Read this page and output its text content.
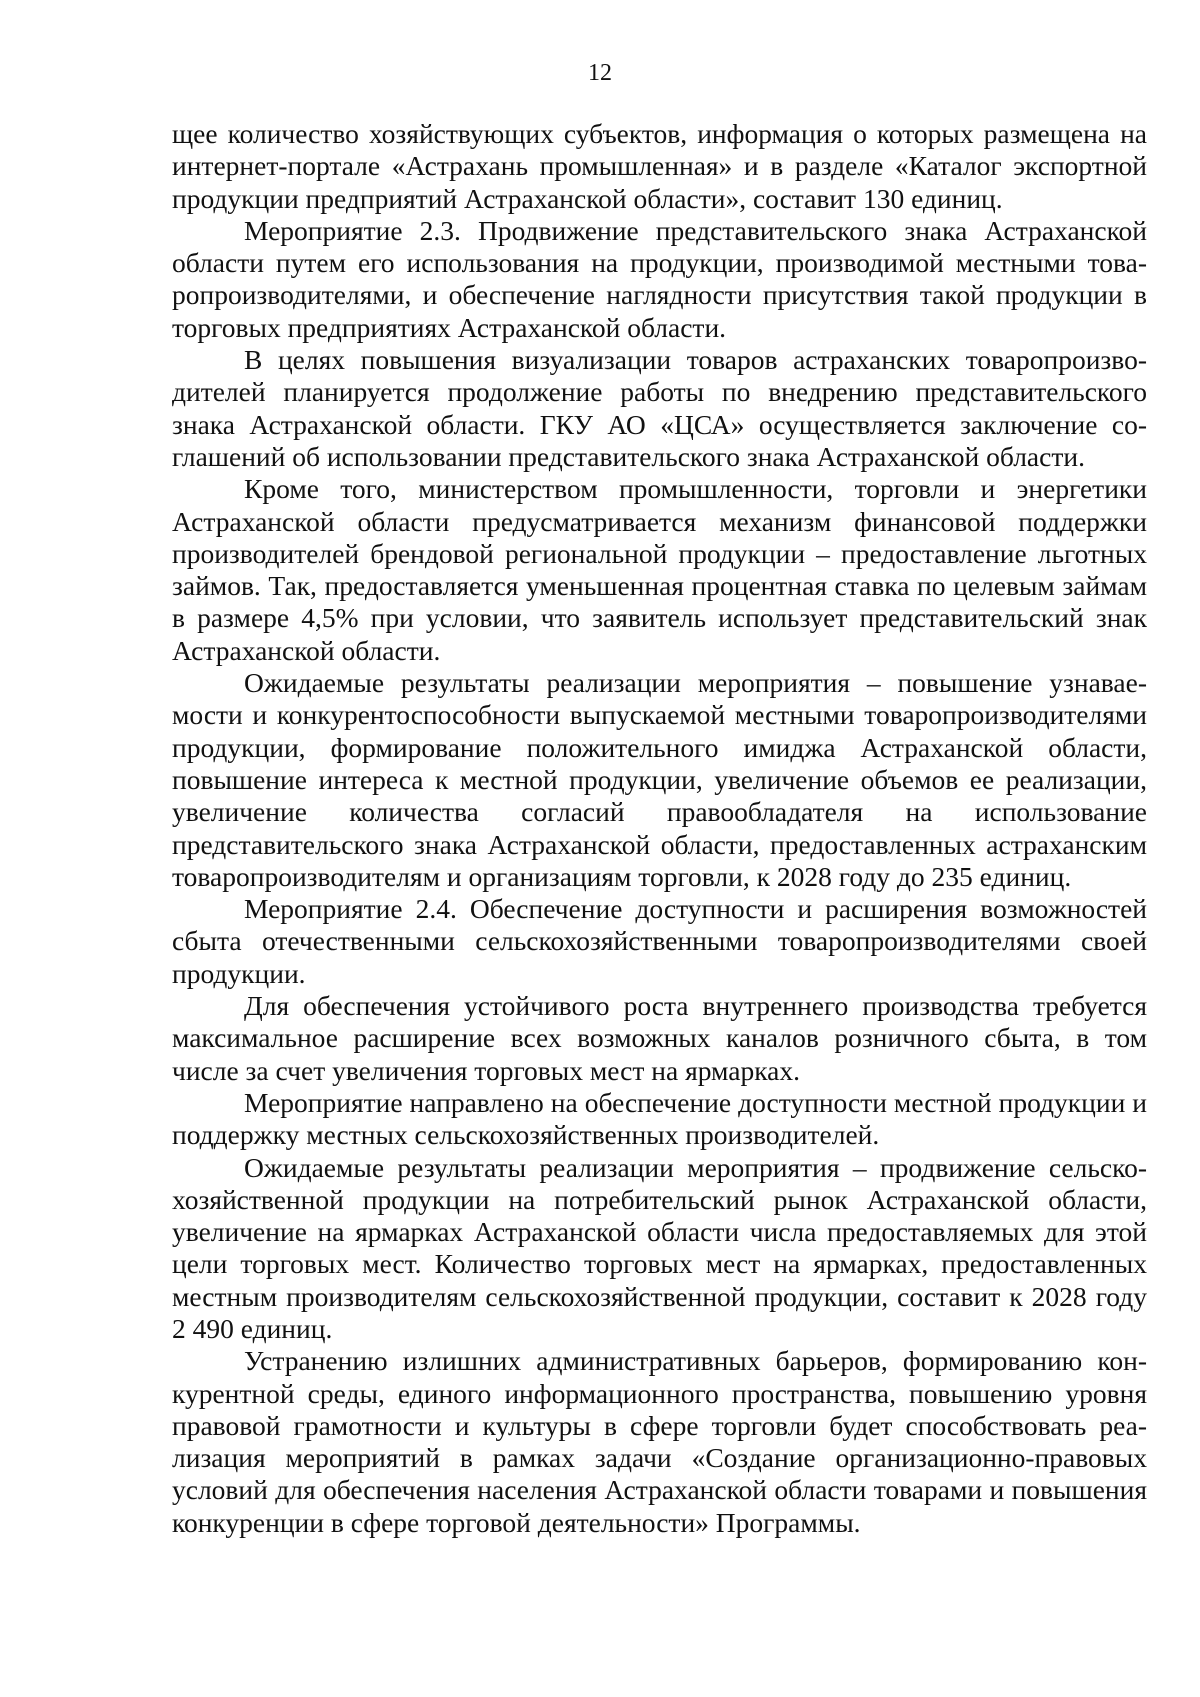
12

щее количество хозяйствующих субъектов, информация о которых размещена на интернет-портале «Астрахань промышленная» и в разделе «Каталог экспортной продукции предприятий Астраханской области», составит 130 единиц.

Мероприятие 2.3. Продвижение представительского знака Астраханской области путем его использования на продукции, производимой местными товаропроизводителями, и обеспечение наглядности присутствия такой продукции в торговых предприятиях Астраханской области.

В целях повышения визуализации товаров астраханских товаропроизводителей планируется продолжение работы по внедрению представительского знака Астраханской области. ГКУ АО «ЦСА» осуществляется заключение соглашений об использовании представительского знака Астраханской области.

Кроме того, министерством промышленности, торговли и энергетики Астраханской области предусматривается механизм финансовой поддержки производителей брендовой региональной продукции – предоставление льготных займов. Так, предоставляется уменьшенная процентная ставка по целевым займам в размере 4,5% при условии, что заявитель использует представительский знак Астраханской области.

Ожидаемые результаты реализации мероприятия – повышение узнаваемости и конкурентоспособности выпускаемой местными товаропроизводителями продукции, формирование положительного имиджа Астраханской области, повышение интереса к местной продукции, увеличение объемов ее реализации, увеличение количества согласий правообладателя на использование представительского знака Астраханской области, предоставленных астраханским товаропроизводителям и организациям торговли, к 2028 году до 235 единиц.

Мероприятие 2.4. Обеспечение доступности и расширения возможностей сбыта отечественными сельскохозяйственными товаропроизводителями своей продукции.

Для обеспечения устойчивого роста внутреннего производства требуется максимальное расширение всех возможных каналов розничного сбыта, в том числе за счет увеличения торговых мест на ярмарках.

Мероприятие направлено на обеспечение доступности местной продукции и поддержку местных сельскохозяйственных производителей.

Ожидаемые результаты реализации мероприятия – продвижение сельскохозяйственной продукции на потребительский рынок Астраханской области, увеличение на ярмарках Астраханской области числа предоставляемых для этой цели торговых мест. Количество торговых мест на ярмарках, предоставленных местным производителям сельскохозяйственной продукции, составит к 2028 году 2 490 единиц.

Устранению излишних административных барьеров, формированию конкурентной среды, единого информационного пространства, повышению уровня правовой грамотности и культуры в сфере торговли будет способствовать реализация мероприятий в рамках задачи «Создание организационно-правовых условий для обеспечения населения Астраханской области товарами и повышения конкуренции в сфере торговой деятельности» Программы.
